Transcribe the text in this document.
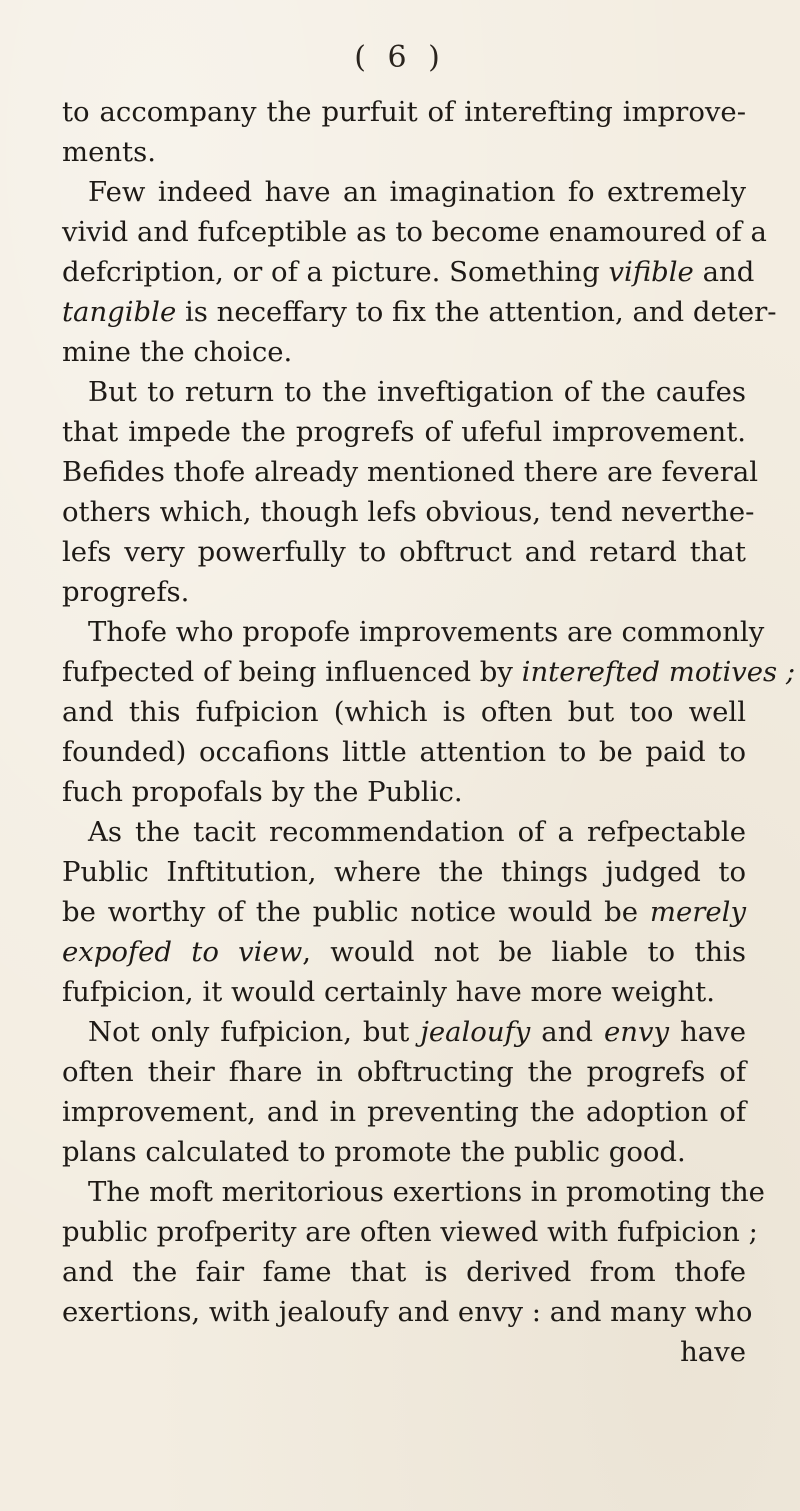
( 6 )
to accompany the purfuit of interefting improve-
ments.
Few indeed have an imagination fo extremely
vivid and fufceptible as to become enamoured of a
defcription, or of a picture. Something vifible and
tangible is neceffary to fix the attention, and deter-
mine the choice.
But to return to the inveftigation of the caufes
that impede the progrefs of ufeful improvement.
Befides thofe already mentioned there are feveral
others which, though lefs obvious, tend neverthe-
lefs very powerfully to obftruct and retard that
progrefs.
Thofe who propofe improvements are commonly
fufpected of being influenced by interefted motives ;
and this fufpicion (which is often but too well
founded) occafions little attention to be paid to
fuch propofals by the Public.
As the tacit recommendation of a refpectable
Public Inftitution, where the things judged to
be worthy of the public notice would be merely
expofed to view, would not be liable to this
fufpicion, it would certainly have more weight.
Not only fufpicion, but jealoufy and envy have
often their fhare in obftructing the progrefs of
improvement, and in preventing the adoption of
plans calculated to promote the public good.
The moft meritorious exertions in promoting the
public profperity are often viewed with fufpicion ;
and the fair fame that is derived from thofe
exertions, with jealoufy and envy : and many who
have
